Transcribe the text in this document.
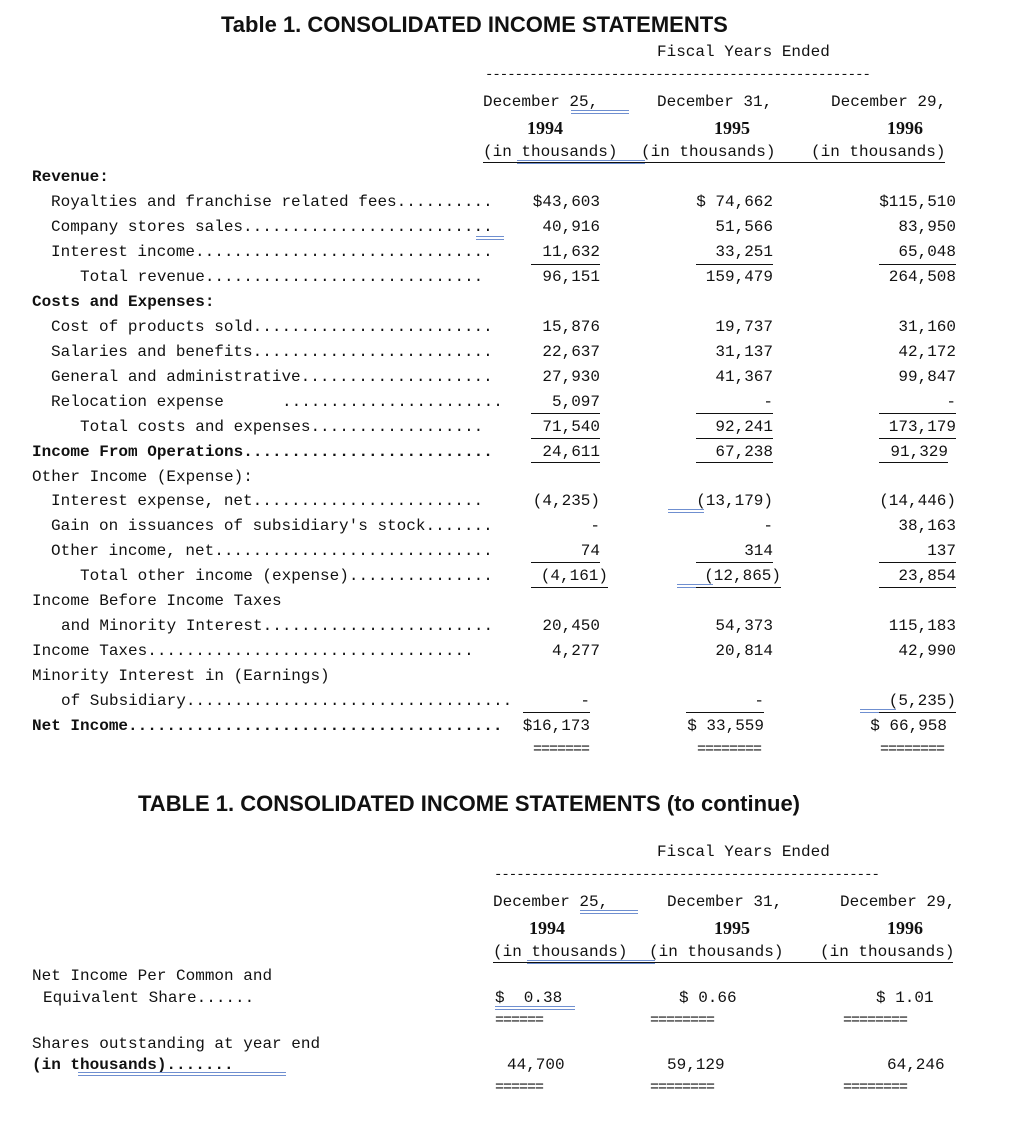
Table 1. CONSOLIDATED INCOME STATEMENTS
Fiscal Years Ended
----------------------------------------------------
December 25,
1994
(in thousands)
December 31,
1995
(in thousands)
December 29,
1996
(in thousands)
Revenue:
Royalties and franchise related fees..........	$43,603	$ 74,662	$115,510
Company stores sales..........................	40,916	51,566	83,950
Interest income...............................	11,632	33,251	65,048
Total revenue.............................	96,151	159,479	264,508
Costs and Expenses:
Cost of products sold.........................	15,876	19,737	31,160
Salaries and benefits.........................	22,637	31,137	42,172
General and administrative....................	27,930	41,367	99,847
Relocation expense	.......................	5,097	-	-
Total costs and expenses..................	71,540	92,241	173,179
Income From Operations..........................	24,611	67,238	91,329
Other Income (Expense):
Interest expense, net........................	(4,235)	(13,179)	(14,446)
Gain on issuances of subsidiary's stock.......	-	-	38,163
Other income, net.............................	74	314	137
Total other income (expense)...............	(4,161)	(12,865)	23,854
Income Before Income Taxes
and Minority Interest........................	20,450	54,373	115,183
Income Taxes..................................	4,277	20,814	42,990
Minority Interest in (Earnings)
of Subsidiary..................................	-	-	(5,235)
Net Income.......................................	$16,173	$ 33,559	$ 66,958
=======	========	========
TABLE 1. CONSOLIDATED INCOME STATEMENTS (to continue)
Fiscal Years Ended
----------------------------------------------------
December 25,
1994
(in thousands)
December 31,
1995
(in thousands)
December 29,
1996
(in thousands)
Net Income Per Common and
Equivalent Share......	$  0.38	$ 0.66	$ 1.01
======	========	========
Shares outstanding at year end
(in thousands).......	44,700	59,129	64,246
======	========	========
